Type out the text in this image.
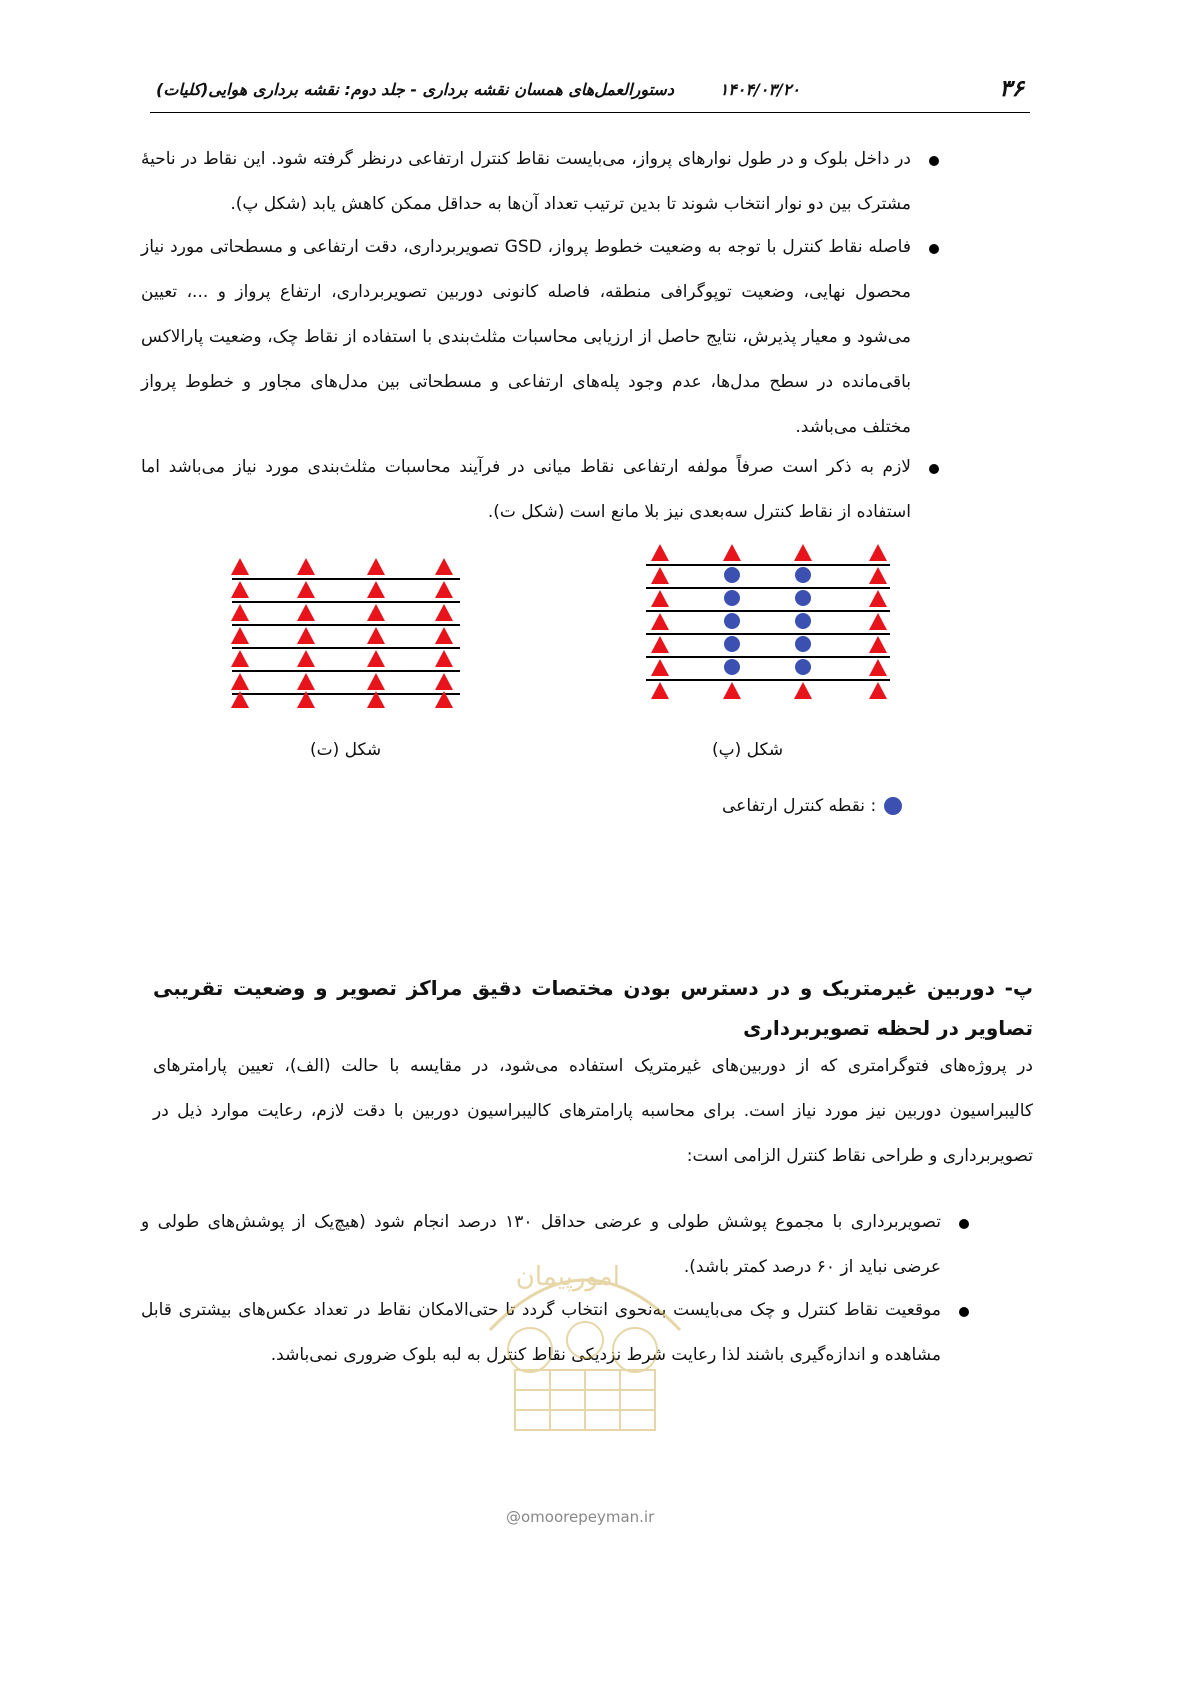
۳۶
۱۴۰۴/۰۳/۲۰
دستورالعمل‌های همسان نقشه برداری - جلد دوم: نقشه برداری هوایی(کلیات)
در داخل بلوک و در طول نوارهای پرواز، می‌بایست نقاط کنترل ارتفاعی درنظر گرفته شود. این نقاط در ناحیهٔ مشترک بین دو نوار انتخاب شوند تا بدین ترتیب تعداد آن‌ها به حداقل ممکن کاهش یابد (شکل پ).
فاصله نقاط کنترل با توجه به وضعیت خطوط پرواز، GSD تصویربرداری، دقت ارتفاعی و مسطحاتی مورد نیاز محصول نهایی، وضعیت توپوگرافی منطقه، فاصله کانونی دوربین تصویربرداری، ارتفاع پرواز و ...، تعیین می‌شود و معیار پذیرش، نتایج حاصل از ارزیابی محاسبات مثلث‌بندی با استفاده از نقاط چک، وضعیت پارالاکس باقی‌مانده در سطح مدل‌ها، عدم وجود پله‌های ارتفاعی و مسطحاتی بین مدل‌های مجاور و خطوط پرواز مختلف می‌باشد.
لازم به ذکر است صرفاً مولفه ارتفاعی نقاط میانی در فرآیند محاسبات مثلث‌بندی مورد نیاز می‌باشد اما استفاده از نقاط کنترل سه‌بعدی نیز بلا مانع است (شکل ت).
شکل (ت)	شکل (پ)
: نقطه کنترل ارتفاعی
پ- دوربین غیرمتریک و در دسترس بودن مختصات دقیق مراکز تصویر و وضعیت تقریبی تصاویر در لحظه تصویربرداری
در پروژه‌های فتوگرامتری که از دوربین‌های غیرمتریک استفاده می‌شود، در مقایسه با حالت (الف)، تعیین پارامترهای کالیبراسیون دوربین نیز مورد نیاز است. برای محاسبه پارامترهای کالیبراسیون دوربین با دقت لازم، رعایت موارد ذیل در تصویربرداری و طراحی نقاط کنترل الزامی است:
تصویربرداری با مجموع پوشش طولی و عرضی حداقل ۱۳۰ درصد انجام شود (هیچ‌یک از پوشش‌های طولی و عرضی نباید از ۶۰ درصد کمتر باشد).
موقعیت نقاط کنترل و چک می‌بایست به‌نحوی انتخاب گردد تا حتی‌الامکان نقاط در تعداد عکس‌های بیشتری قابل مشاهده و اندازه‌گیری باشند لذا رعایت شرط نزدیکی نقاط کنترل به لبه بلوک ضروری نمی‌باشد.
امورپیمان
@omoorepeyman.ir
